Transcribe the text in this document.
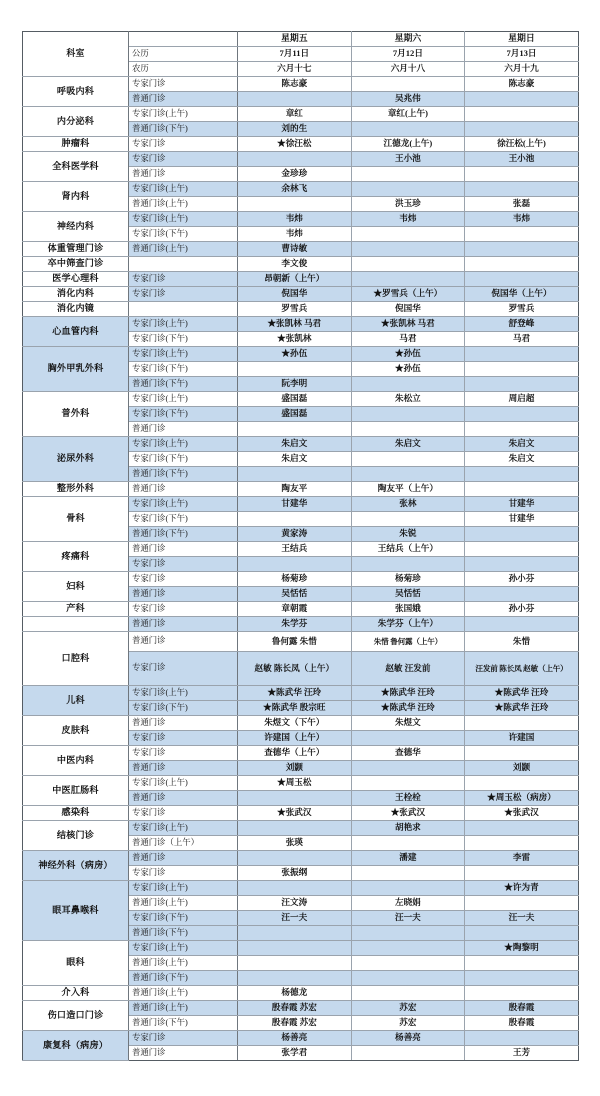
科室		星期五	星期六	星期日
	公历	7月11日	7月12日	7月13日
	农历	六月十七	六月十八	六月十九
呼吸内科	专家门诊	陈志豪		陈志豪
	普通门诊		吴兆伟	
内分泌科	专家门诊(上午)	章红	章红(上午)	
	普通门诊(下午)	刘的生		
肿瘤科	专家门诊	★徐汪松	江德龙(上午)	徐汪松(上午)
全科医学科	专家门诊		王小池	王小池
	普通门诊	金珍珍		
肾内科	专家门诊(上午)	余林飞		
	普通门诊(上午)		洪玉珍	张磊
神经内科	专家门诊(上午)	韦炜	韦炜	韦炜
	专家门诊(下午)	韦炜		
体重管理门诊	普通门诊(上午)	曹诗敏		
卒中筛查门诊		李文俊		
医学心理科	专家门诊	昂朝新（上午）		
消化内科	专家门诊	倪国华	★罗雪兵（上午）	倪国华（上午）
消化内镜		罗雪兵	倪国华	罗雪兵
心血管内科	专家门诊(上午)	★张凯林 马君	★张凯林 马君	舒登峰
	专家门诊(下午)	★张凯林	马君	马君
胸外甲乳外科	专家门诊(上午)	★孙伍	★孙伍	
	专家门诊(下午)		★孙伍	
	普通门诊(下午)	阮李明		
普外科	专家门诊(上午)	盛国磊	朱松立	周启超
	专家门诊(下午)	盛国磊		
	普通门诊			
泌尿外科	专家门诊(上午)	朱启文	朱启文	朱启文
	专家门诊(下午)	朱启文		朱启文
	普通门诊(下午)			
整形外科	普通门诊	陶友平	陶友平（上午）	
骨科	专家门诊(上午)	甘建华	张林	甘建华
	专家门诊(下午)			甘建华
	普通门诊(下午)	黄家涛	朱锐	
疼痛科	普通门诊	王结兵	王结兵（上午）	
	专家门诊			
妇科	专家门诊	杨菊珍	杨菊珍	孙小芬
	普通门诊	吴恬恬	吴恬恬	
产科	专家门诊	章朝霞	张国娥	孙小芬
	普通门诊	朱学芬	朱学芬（上午）	
口腔科	普通门诊	鲁何露 朱惜	朱惜 鲁何露（上午）	朱惜
	专家门诊	赵敏 陈长凤（上午）	赵敏 汪发前	汪发前 陈长凤 赵敏（上午）
儿科	专家门诊(上午)	★陈武华 汪玲	★陈武华 汪玲	★陈武华 汪玲
	专家门诊(下午)	★陈武华 殷宗旺	★陈武华 汪玲	★陈武华 汪玲
皮肤科	普通门诊	朱煜文（下午）	朱煜文	
	专家门诊	许建国（上午）		许建国
中医内科	专家门诊	查德华（上午）	查德华	
	普通门诊	刘颢		刘颢
中医肛肠科	专家门诊(上午)	★周玉松		
	普通门诊		王栓栓	★周玉松（病房）
感染科	专家门诊	★张武汉	★张武汉	★张武汉
结核门诊	专家门诊(上午)		胡艳求	
	普通门诊（上午）	张瑛		
神经外科（病房）	普通门诊		潘建	李雷
	专家门诊	张振纲		
眼耳鼻喉科	专家门诊(上午)			★许为青
	普通门诊(上午)	汪文涛	左晓娟	
	专家门诊(下午)	汪一夫	汪一夫	汪一夫
	普通门诊(下午)			
眼科	专家门诊(上午)			★陶黎明
	普通门诊(上午)			
	普通门诊(下午)			
介入科	普通门诊(上午)	杨德龙		
伤口造口门诊	普通门诊(上午)	殷春霞 苏宏	苏宏	殷春霞
	普通门诊(下午)	殷春霞 苏宏	苏宏	殷春霞
康复科（病房）	专家门诊	杨善亮	杨善亮	
	普通门诊	张学君		王芳
